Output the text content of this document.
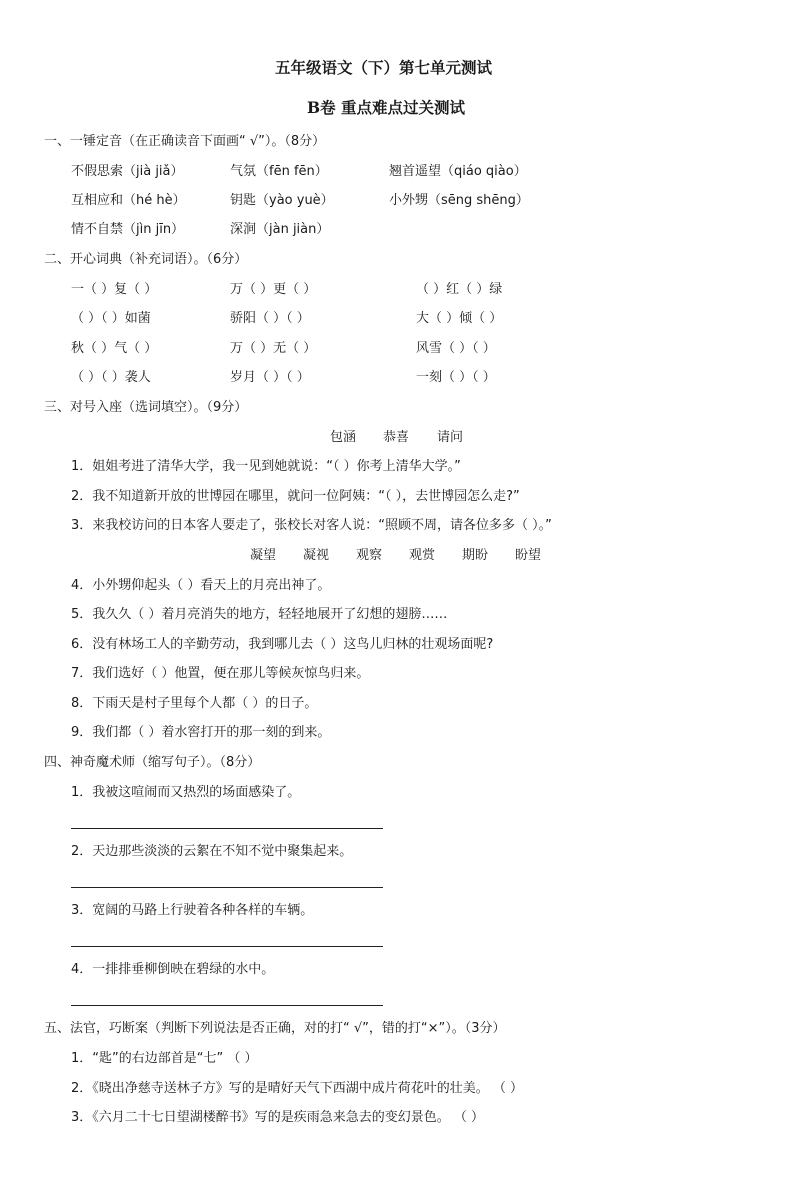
五年级语文（下）第七单元测试
B卷 重点难点过关测试
一、一锤定音（在正确读音下面画“ √”）。（8分）
不假思索（jià jiǎ）	气氛（fēn fēn）	翘首遥望（qiáo qiào）
互相应和（hé hè）	钥匙（yào yuè）	小外甥（sēng shēng）
情不自禁（jìn jīn）	深涧（jàn jiàn）
二、开心词典（补充词语）。（6分）
一（ ）复（ ）	万（ ）更（ ）	（ ）红（ ）绿
（ ）（ ）如菌	骄阳（ ）（ ）	大（ ）倾（ ）
秋（ ）气（ ）	万（ ）无（ ）	风雪（ ）（ ）
（ ）（ ）袭人	岁月（ ）（ ）	一刻（ ）（ ）
三、对号入座（选词填空）。（9分）
包涵 恭喜 请问
1．姐姐考进了清华大学，我一见到她就说：“（ ）你考上清华大学。”
2．我不知道新开放的世博园在哪里，就问一位阿姨：“（ ），去世博园怎么走?”
3．来我校访问的日本客人要走了，张校长对客人说：“照顾不周，请各位多多（ ）。”
凝望 凝视 观察 观赏 期盼 盼望
4．小外甥仰起头（ ）看天上的月亮出神了。
5．我久久（ ）着月亮消失的地方，轻轻地展开了幻想的翅膀……
6．没有林场工人的辛勤劳动，我到哪儿去（ ）这鸟儿归林的壮观场面呢?
7．我们选好（ ）他置，便在那儿等候灰惊鸟归来。
8．下雨天是村子里每个人都（ ）的日子。
9．我们都（ ）着水窖打开的那一刻的到来。
四、神奇魔术师（缩写句子）。（8分）
1．我被这喧闹而又热烈的场面感染了。
2．天边那些淡淡的云絮在不知不觉中聚集起来。
3．宽阔的马路上行驶着各种各样的车辆。
4．一排排垂柳倒映在碧绿的水中。
五、法官，巧断案（判断下列说法是否正确，对的打“ √”，错的打“×”）。（3分）
1．“匙”的右边部首是“七” （ ）
2．《晓出净慈寺送林子方》写的是晴好天气下西湖中成片荷花叶的壮美。 （ ）
3．《六月二十七日望湖楼醉书》写的是疾雨急来急去的变幻景色。 （ ）
